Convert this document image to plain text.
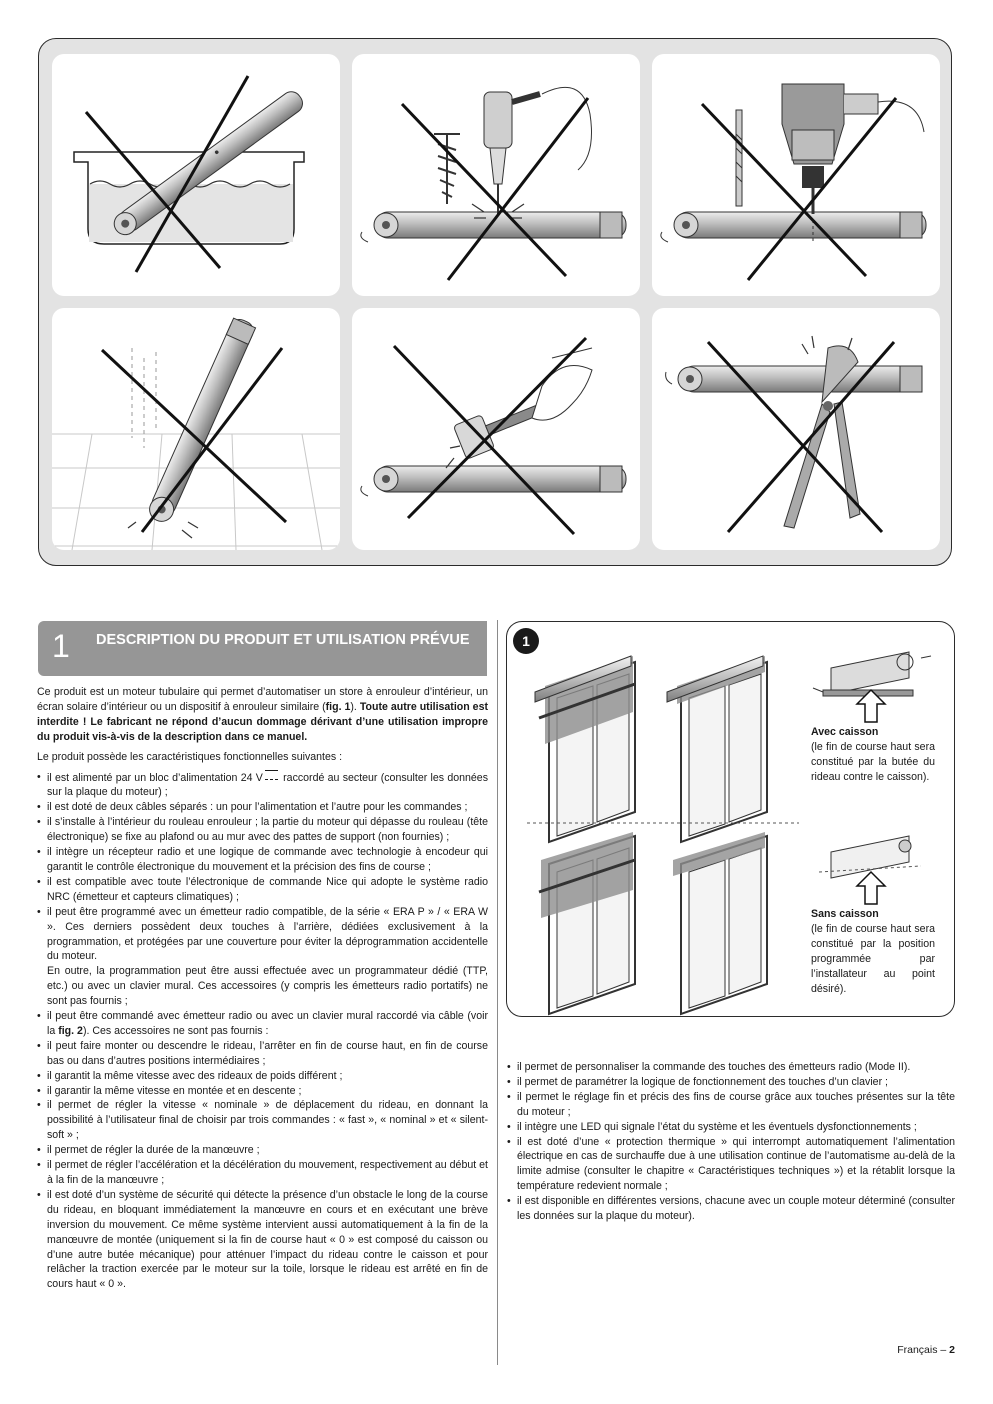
1 DESCRIPTION DU PRODUIT ET UTILISATION PRÉVUE

Ce produit est un moteur tubulaire qui permet d’automatiser un store à enrouleur d’intérieur, un écran solaire d’intérieur ou un dispositif à enrouleur similaire (fig. 1). Toute autre utilisation est interdite ! Le fabricant ne répond d’aucun dommage dérivant d’une utilisation impropre du produit vis-à-vis de la description dans ce manuel.

Le produit possède les caractéristiques fonctionnelles suivantes :

• il est alimenté par un bloc d’alimentation 24 V raccordé au secteur (consulter les données sur la plaque du moteur) ;
• il est doté de deux câbles séparés : un pour l’alimentation et l’autre pour les commandes ;
• il s’installe à l’intérieur du rouleau enrouleur ; la partie du moteur qui dépasse du rouleau (tête électronique) se fixe au plafond ou au mur avec des pattes de support (non fournies) ;
• il intègre un récepteur radio et une logique de commande avec technologie à encodeur qui garantit le contrôle électronique du mouvement et la précision des fins de course ;
• il est compatible avec toute l’électronique de commande Nice qui adopte le système radio NRC (émetteur et capteurs climatiques) ;
• il peut être programmé avec un émetteur radio compatible, de la série « ERA P » / « ERA W ». Ces derniers possèdent deux touches à l’arrière, dédiées exclusivement à la programmation, et protégées par une couverture pour éviter la déprogrammation accidentelle du moteur.
En outre, la programmation peut être aussi effectuée avec un programmateur dédié (TTP, etc.) ou avec un clavier mural. Ces accessoires (y compris les émetteurs radio portatifs) ne sont pas fournis ;
• il peut être commandé avec émetteur radio ou avec un clavier mural raccordé via câble (voir la fig. 2). Ces accessoires ne sont pas fournis :
• il peut faire monter ou descendre le rideau, l’arrêter en fin de course haut, en fin de course bas ou dans d’autres positions intermédiaires ;
• il garantit la même vitesse avec des rideaux de poids différent ;
• il garantir la même vitesse en montée et en descente ;
• il permet de régler la vitesse « nominale » de déplacement du rideau, en donnant la possibilité à l’utilisateur final de choisir par trois commandes : « fast », « nominal » et « silent-soft » ;
• il permet de régler la durée de la manœuvre ;
• il permet de régler l’accélération et la décélération du mouvement, respectivement au début et à la fin de la manœuvre ;
• il est doté d’un système de sécurité qui détecte la présence d’un obstacle le long de la course du rideau, en bloquant immédiatement la manœuvre en cours et en exécutant une brève inversion du mouvement. Ce même système intervient aussi automatiquement à la fin de la manœuvre de montée (uniquement si la fin de course haut « 0 » est composé du caisson ou d’une autre butée mécanique) pour atténuer l’impact du rideau contre le caisson et pour relâcher la traction exercée par le moteur sur la toile, lorsque le rideau est arrêté en fin de cours haut « 0 ».
1
Avec caisson
(le fin de course haut sera constitué par la butée du rideau contre le caisson).
Sans caisson
(le fin de course haut sera constitué par la position programmée par l’installateur au point désiré).
• il permet de personnaliser la commande des touches des émetteurs radio (Mode II).
• il permet de paramétrer la logique de fonctionnement des touches d’un clavier ;
• il permet le réglage fin et précis des fins de course grâce aux touches présentes sur la tête du moteur ;
• il intègre une LED qui signale l’état du système et les éventuels dysfonctionnements ;
• il est doté d’une « protection thermique » qui interrompt automatiquement l’alimentation électrique en cas de surchauffe due à une utilisation continue de l’automatisme au-delà de la limite admise (consulter le chapitre « Caractéristiques techniques ») et la rétablit lorsque la température redevient normale ;
• il est disponible en différentes versions, chacune avec un couple moteur déterminé (consulter les données sur la plaque du moteur).
Français – 2
